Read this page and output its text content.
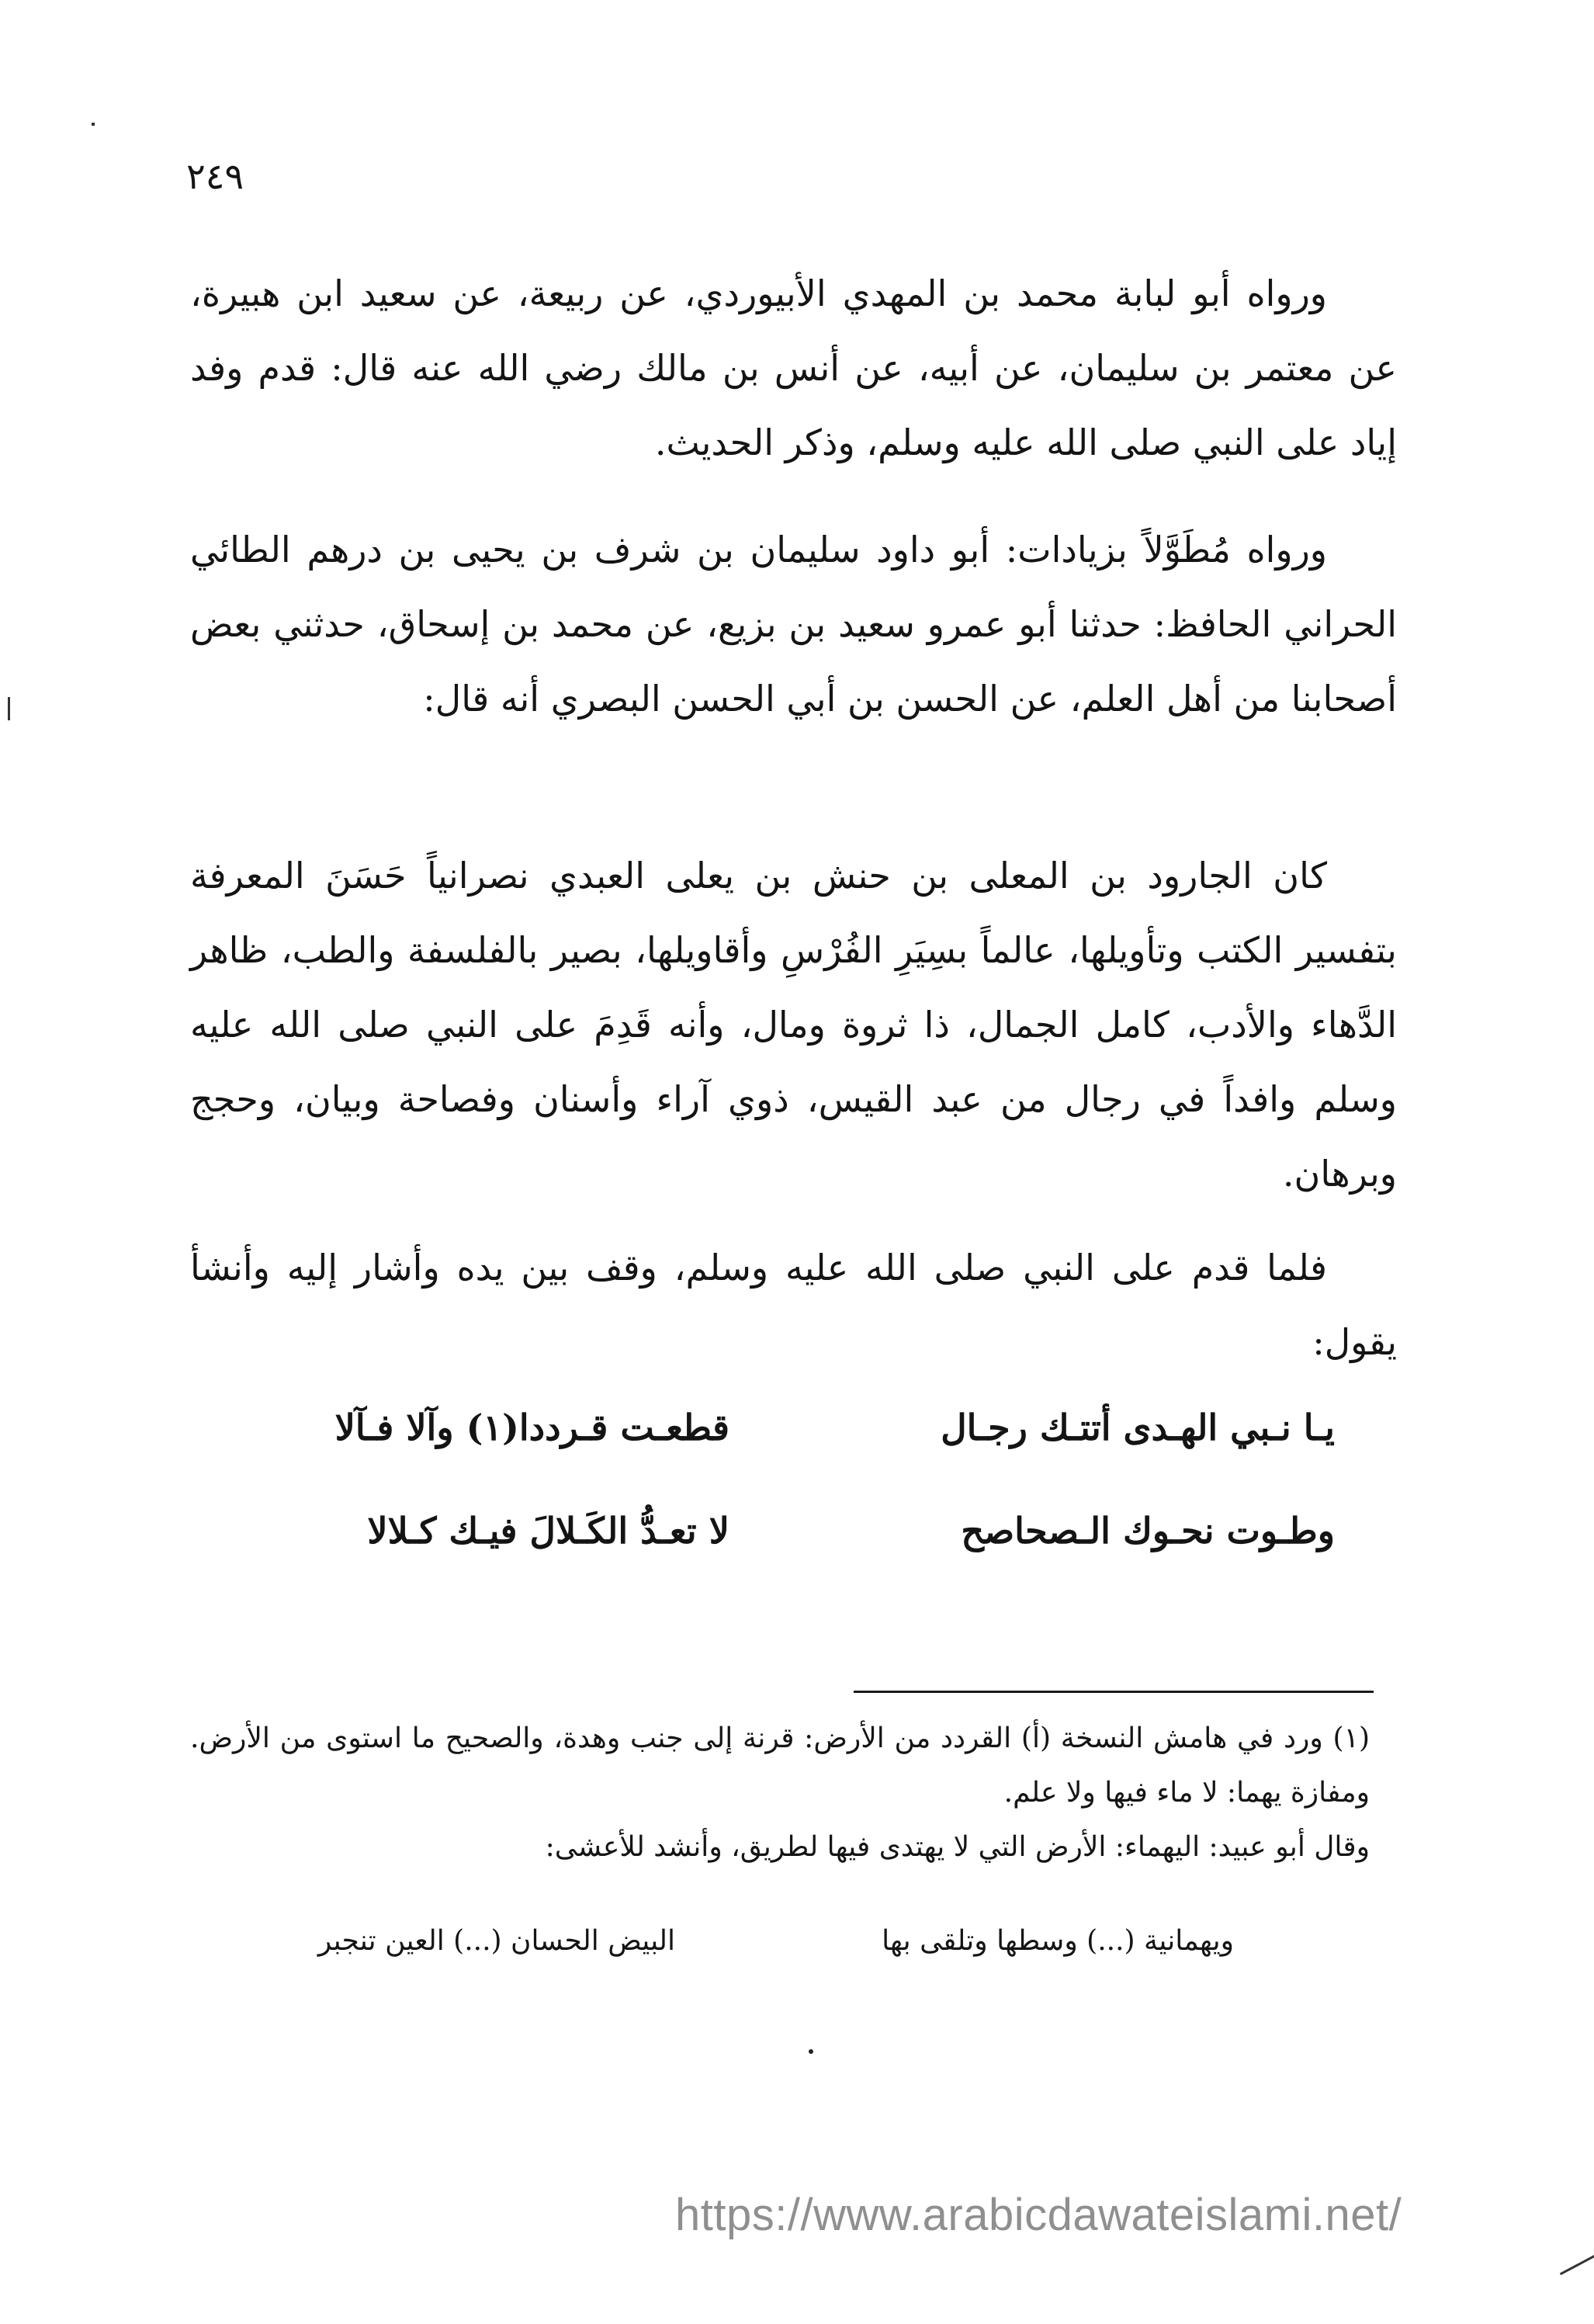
٢٤٩

ورواه أبو لبابة محمد بن المهدي الأبيوردي، عن ربيعة، عن سعيد ابن هبيرة، عن معتمر بن سليمان، عن أبيه، عن أنس بن مالك رضي الله عنه قال: قدم وفد إياد على النبي صلى الله عليه وسلم، وذكر الحديث.

ورواه مُطَوَّلاً بزيادات: أبو داود سليمان بن شرف بن يحيى بن درهم الطائي الحراني الحافظ: حدثنا أبو عمرو سعيد بن بزيع، عن محمد بن إسحاق، حدثني بعض أصحابنا من أهل العلم، عن الحسن بن أبي الحسن البصري أنه قال:

كان الجارود بن المعلى بن حنش بن يعلى العبدي نصرانياً حَسَنَ المعرفة بتفسير الكتب وتأويلها، عالماً بسِيَرِ الفُرْسِ وأقاويلها، بصير بالفلسفة والطب، ظاهر الدَّهاء والأدب، كامل الجمال، ذا ثروة ومال، وأنه قَدِمَ على النبي صلى الله عليه وسلم وافداً في رجال من عبد القيس، ذوي آراء وأسنان وفصاحة وبيان، وحجج وبرهان.

فلما قدم على النبي صلى الله عليه وسلم، وقف بين يده وأشار إليه وأنشأ يقول:

يـا نـبي الهـدى أتتـك رجـال
قطعـت قـرددا(١) وآلا فـآلا
وطـوت نحـوك الـصحاصح
لا تعـدُّ الكَـلالَ فيـك كـلالا

(١) ورد في هامش النسخة (أ) القردد من الأرض: قرنة إلى جنب وهدة، والصحيح ما استوى من الأرض. ومفازة يهما: لا ماء فيها ولا علم.

وقال أبو عبيد: اليهماء: الأرض التي لا يهتدى فيها لطريق، وأنشد للأعشى:

ويهمانية (...) وسطها وتلقى بها
البيض الحسان (...) العين تنجبر
https://www.arabicdawateislami.net/
